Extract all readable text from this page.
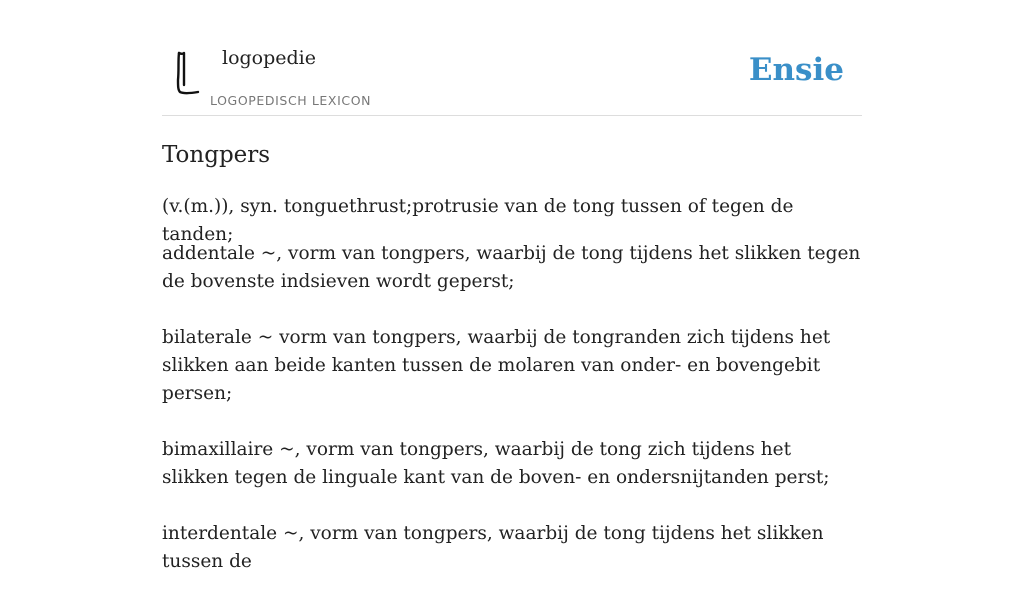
logopedie
LOGOPEDISCH LEXICON
Ensie
Tongpers

(v.(m.)), syn. tonguethrust;protrusie van de tong tussen of tegen de tanden;

addentale ~, vorm van tongpers, waarbij de tong tijdens het slikken tegen de bovenste indsieven wordt geperst;

bilaterale ~ vorm van tongpers, waarbij de tongranden zich tijdens het slikken aan beide kanten tussen de molaren van onder- en bovengebit persen;

bimaxillaire ~, vorm van tongpers, waarbij de tong zich tijdens het slikken tegen de linguale kant van de boven- en ondersnijtanden perst;

interdentale ~, vorm van tongpers, waarbij de tong tijdens het slikken tussen de
